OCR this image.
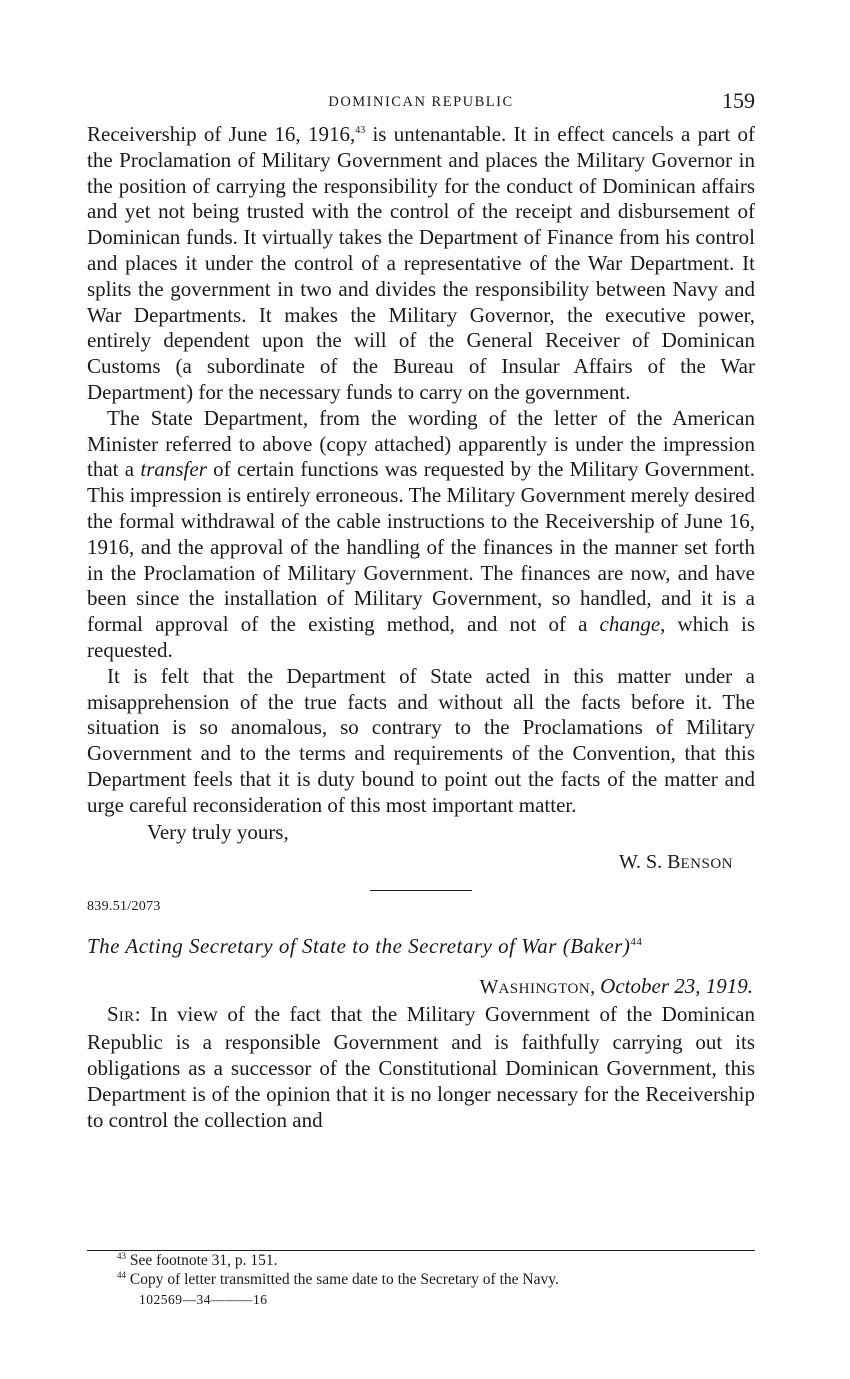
DOMINICAN REPUBLIC	159

Receivership of June 16, 1916,43 is untenantable. It in effect cancels a part of the Proclamation of Military Government and places the Military Governor in the position of carrying the responsibility for the conduct of Dominican affairs and yet not being trusted with the control of the receipt and disbursement of Dominican funds. It virtually takes the Department of Finance from his control and places it under the control of a representative of the War Department. It splits the government in two and divides the responsibility between Navy and War Departments. It makes the Military Governor, the executive power, entirely dependent upon the will of the General Receiver of Dominican Customs (a subordinate of the Bureau of Insular Affairs of the War Department) for the necessary funds to carry on the government.

The State Department, from the wording of the letter of the American Minister referred to above (copy attached) apparently is under the impression that a transfer of certain functions was requested by the Military Government. This impression is entirely erroneous. The Military Government merely desired the formal withdrawal of the cable instructions to the Receivership of June 16, 1916, and the approval of the handling of the finances in the manner set forth in the Proclamation of Military Government. The finances are now, and have been since the installation of Military Government, so handled, and it is a formal approval of the existing method, and not of a change, which is requested.

It is felt that the Department of State acted in this matter under a misapprehension of the true facts and without all the facts before it. The situation is so anomalous, so contrary to the Proclamations of Military Government and to the terms and requirements of the Convention, that this Department feels that it is duty bound to point out the facts of the matter and urge careful reconsideration of this most important matter.

Very truly yours,
W. S. BENSON
839.51/2073
The Acting Secretary of State to the Secretary of War (Baker)$^{44}$
WASHINGTON, October 23, 1919.

SIR: In view of the fact that the Military Government of the Dominican Republic is a responsible Government and is faithfully carrying out its obligations as a successor of the Constitutional Dominican Government, this Department is of the opinion that it is no longer necessary for the Receivership to control the collection and

$^{43}$ See footnote 31, p. 151.
$^{44}$ Copy of letter transmitted the same date to the Secretary of the Navy.
102569—34———16
